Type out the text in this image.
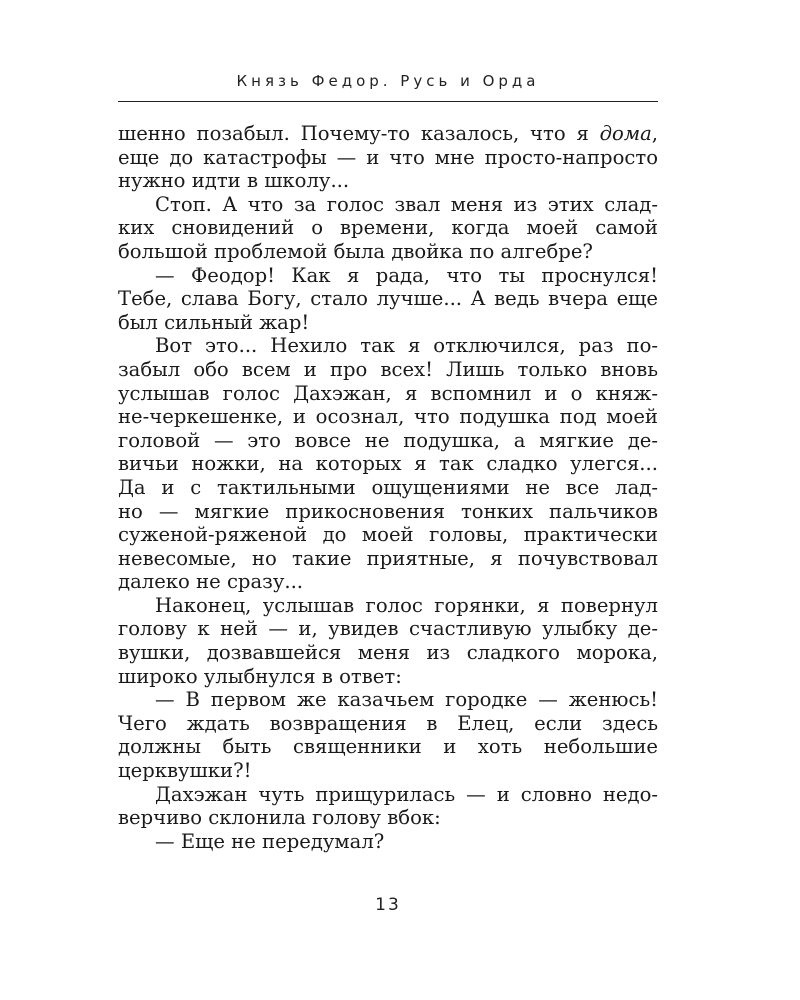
Князь Федор. Русь и Орда
шенно позабыл. Почему-то казалось, что я дома,
еще до катастрофы — и что мне просто-напросто
нужно идти в школу...
Стоп. А что за голос звал меня из этих слад-
ких сновидений о времени, когда моей самой
большой проблемой была двойка по алгебре?
— Феодор! Как я рада, что ты проснулся!
Тебе, слава Богу, стало лучше... А ведь вчера еще
был сильный жар!
Вот это... Нехило так я отключился, раз по-
забыл обо всем и про всех! Лишь только вновь
услышав голос Дахэжан, я вспомнил и о княж-
не-черкешенке, и осознал, что подушка под моей
головой — это вовсе не подушка, а мягкие де-
вичьи ножки, на которых я так сладко улегся...
Да и с тактильными ощущениями не все лад-
но — мягкие прикосновения тонких пальчиков
суженой-ряженой до моей головы, практически
невесомые, но такие приятные, я почувствовал
далеко не сразу...
Наконец, услышав голос горянки, я повернул
голову к ней — и, увидев счастливую улыбку де-
вушки, дозвавшейся меня из сладкого морока,
широко улыбнулся в ответ:
— В первом же казачьем городке — женюсь!
Чего ждать возвращения в Елец, если здесь
должны быть священники и хоть небольшие
церквушки?!
Дахэжан чуть прищурилась — и словно недо-
верчиво склонила голову вбок:
— Еще не передумал?
13
